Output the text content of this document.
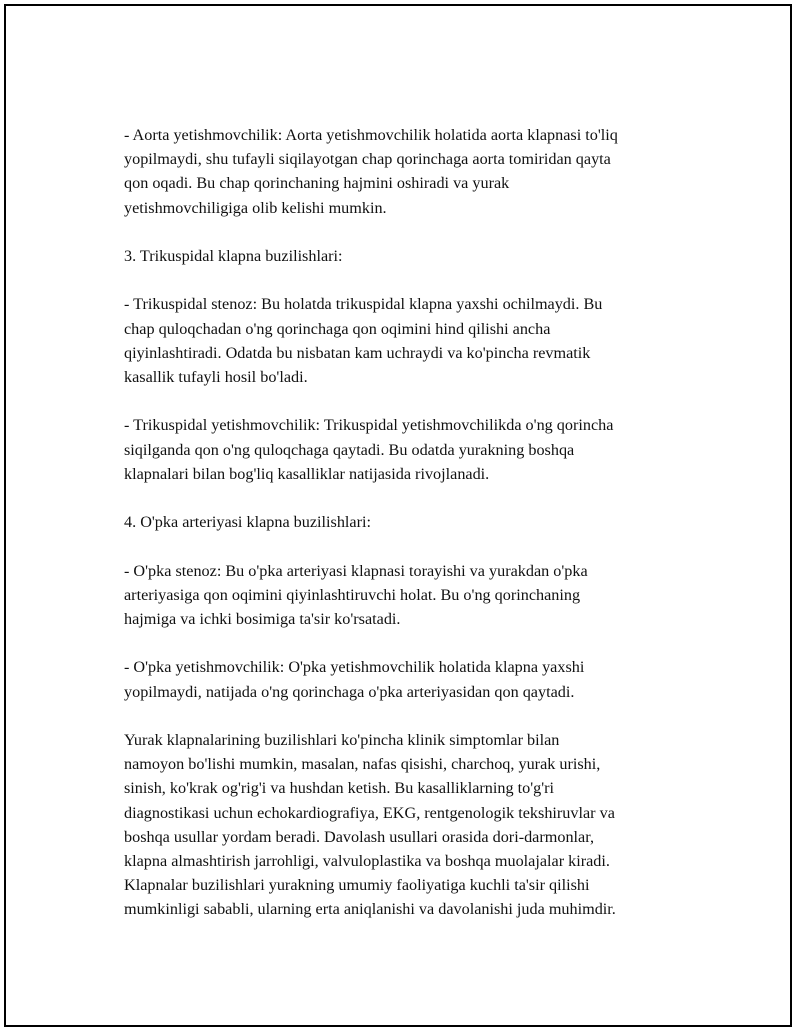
- Aorta yetishmovchilik: Aorta yetishmovchilik holatida aorta klapnasi to'liq
yopilmaydi, shu tufayli siqilayotgan chap qorinchaga aorta tomiridan qayta
qon oqadi. Bu chap qorinchaning hajmini oshiradi va yurak
yetishmovchiligiga olib kelishi mumkin.

3. Trikuspidal klapna buzilishlari:

- Trikuspidal stenoz: Bu holatda trikuspidal klapna yaxshi ochilmaydi. Bu
chap quloqchadan o'ng qorinchaga qon oqimini hind qilishi ancha
qiyinlashtiradi. Odatda bu nisbatan kam uchraydi va ko'pincha revmatik
kasallik tufayli hosil bo'ladi.

- Trikuspidal yetishmovchilik: Trikuspidal yetishmovchilikda o'ng qorincha
siqilganda qon o'ng quloqchaga qaytadi. Bu odatda yurakning boshqa
klapnalari bilan bog'liq kasalliklar natijasida rivojlanadi.

4. O'pka arteriyasi klapna buzilishlari:

- O'pka stenoz: Bu o'pka arteriyasi klapnasi torayishi va yurakdan o'pka
arteriyasiga qon oqimini qiyinlashtiruvchi holat. Bu o'ng qorinchaning
hajmiga va ichki bosimiga ta'sir ko'rsatadi.

- O'pka yetishmovchilik: O'pka yetishmovchilik holatida klapna yaxshi
yopilmaydi, natijada o'ng qorinchaga o'pka arteriyasidan qon qaytadi.

Yurak klapnalarining buzilishlari ko'pincha klinik simptomlar bilan
namoyon bo'lishi mumkin, masalan, nafas qisishi, charchoq, yurak urishi,
sinish, ko'krak og'rig'i va hushdan ketish. Bu kasalliklarning to'g'ri
diagnostikasi uchun echokardiografiya, EKG, rentgenologik tekshiruvlar va
boshqa usullar yordam beradi. Davolash usullari orasida dori-darmonlar,
klapna almashtirish jarrohligi, valvuloplastika va boshqa muolajalar kiradi.
Klapnalar buzilishlari yurakning umumiy faoliyatiga kuchli ta'sir qilishi
mumkinligi sababli, ularning erta aniqlanishi va davolanishi juda muhimdir.
